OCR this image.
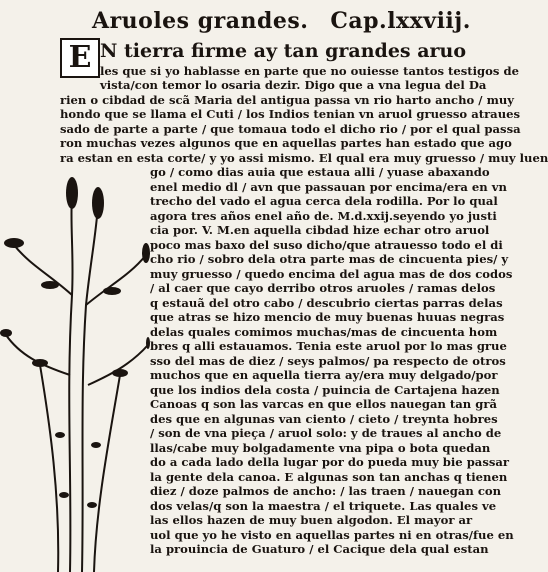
Aruoles grandes. Cap.lxxviij.
E N tierra firme ay tan grandes aruo
les que si yo hablasse en parte que no ouiesse tantos testigos de
vista/con temor lo osaria dezir. Digo que a vna legua del Da
rien o cibdad de scã Maria del antigua passa vn rio harto ancho / muy
hondo que se llama el Cuti / los Indios tenian vn aruol gruesso atraues
sado de parte a parte / que tomaua todo el dicho rio / por el qual passa
ron muchas vezes algunos que en aquellas partes han estado que ago
ra estan en esta corte/ y yo assi mismo. El qual era muy gruesso / muy luen
go / como dias auia que estaua alli / yuase abaxando
enel medio dl / avn que passauan por encima/era en vn
trecho del vado el agua cerca dela rodilla. Por lo qual
agora tres años enel año de. M.d.xxij.seyendo yo justi
cia por. V. M.en aquella cibdad hize echar otro aruol
poco mas baxo del suso dicho/que atrauesso todo el di
cho rio / sobro dela otra parte mas de cincuenta pies/ y
muy gruesso / quedo encima del agua mas de dos codos
/ al caer que cayo derribo otros aruoles / ramas delos
q estauã del otro cabo / descubrio ciertas parras delas
que atras se hizo mencio de muy buenas huuas negras
delas quales comimos muchas/mas de cincuenta hom
bres q alli estauamos. Tenia este aruol por lo mas grue
sso del mas de diez / seys palmos/ pa respecto de otros
muchos que en aquella tierra ay/era muy delgado/por
que los indios dela costa / puincia de Cartajena hazen
Canoas q son las varcas en que ellos nauegan tan grã
des que en algunas van ciento / cieto / treynta hobres
/ son de vna pieça / aruol solo: y de traues al ancho de
llas/cabe muy bolgadamente vna pipa o bota quedan
do a cada lado della lugar por do pueda muy bie passar
la gente dela canoa. E algunas son tan anchas q tienen
diez / doze palmos de ancho: / las traen / nauegan con
dos velas/q son la maestra / el triquete. Las quales ve
las ellos hazen de muy buen algodon. El mayor ar
uol que yo he visto en aquellas partes ni en otras/fue en
la prouincia de Guaturo / el Cacique dela qual estan
